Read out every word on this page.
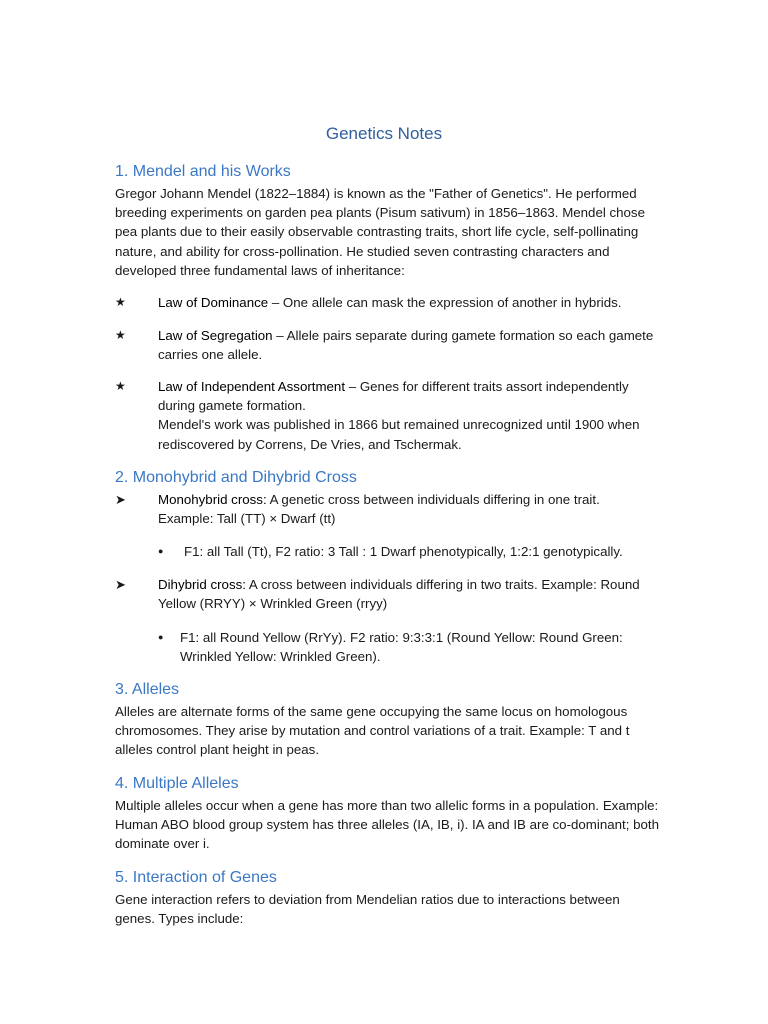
Genetics Notes
1. Mendel and his Works

Gregor Johann Mendel (1822–1884) is known as the "Father of Genetics". He performed breeding experiments on garden pea plants (Pisum sativum) in 1856–1863. Mendel chose pea plants due to their easily observable contrasting traits, short life cycle, self-pollinating nature, and ability for cross-pollination. He studied seven contrasting characters and developed three fundamental laws of inheritance:

★ Law of Dominance – One allele can mask the expression of another in hybrids.
★ Law of Segregation – Allele pairs separate during gamete formation so each gamete carries one allele.
★ Law of Independent Assortment – Genes for different traits assort independently during gamete formation.
Mendel's work was published in 1866 but remained unrecognized until 1900 when rediscovered by Correns, De Vries, and Tschermak.
2. Monohybrid and Dihybrid Cross
➤ Monohybrid cross: A genetic cross between individuals differing in one trait. Example: Tall (TT) × Dwarf (tt)
● F1: all Tall (Tt), F2 ratio: 3 Tall : 1 Dwarf phenotypically, 1:2:1 genotypically.
➤ Dihybrid cross: A cross between individuals differing in two traits. Example: Round Yellow (RRYY) × Wrinkled Green (rryy)
● F1: all Round Yellow (RrYy). F2 ratio: 9:3:3:1 (Round Yellow: Round Green: Wrinkled Yellow: Wrinkled Green).
3. Alleles

Alleles are alternate forms of the same gene occupying the same locus on homologous chromosomes. They arise by mutation and control variations of a trait. Example: T and t alleles control plant height in peas.

4. Multiple Alleles

Multiple alleles occur when a gene has more than two allelic forms in a population. Example: Human ABO blood group system has three alleles (IA, IB, i). IA and IB are co-dominant; both dominate over i.

5. Interaction of Genes

Gene interaction refers to deviation from Mendelian ratios due to interactions between genes. Types include:
